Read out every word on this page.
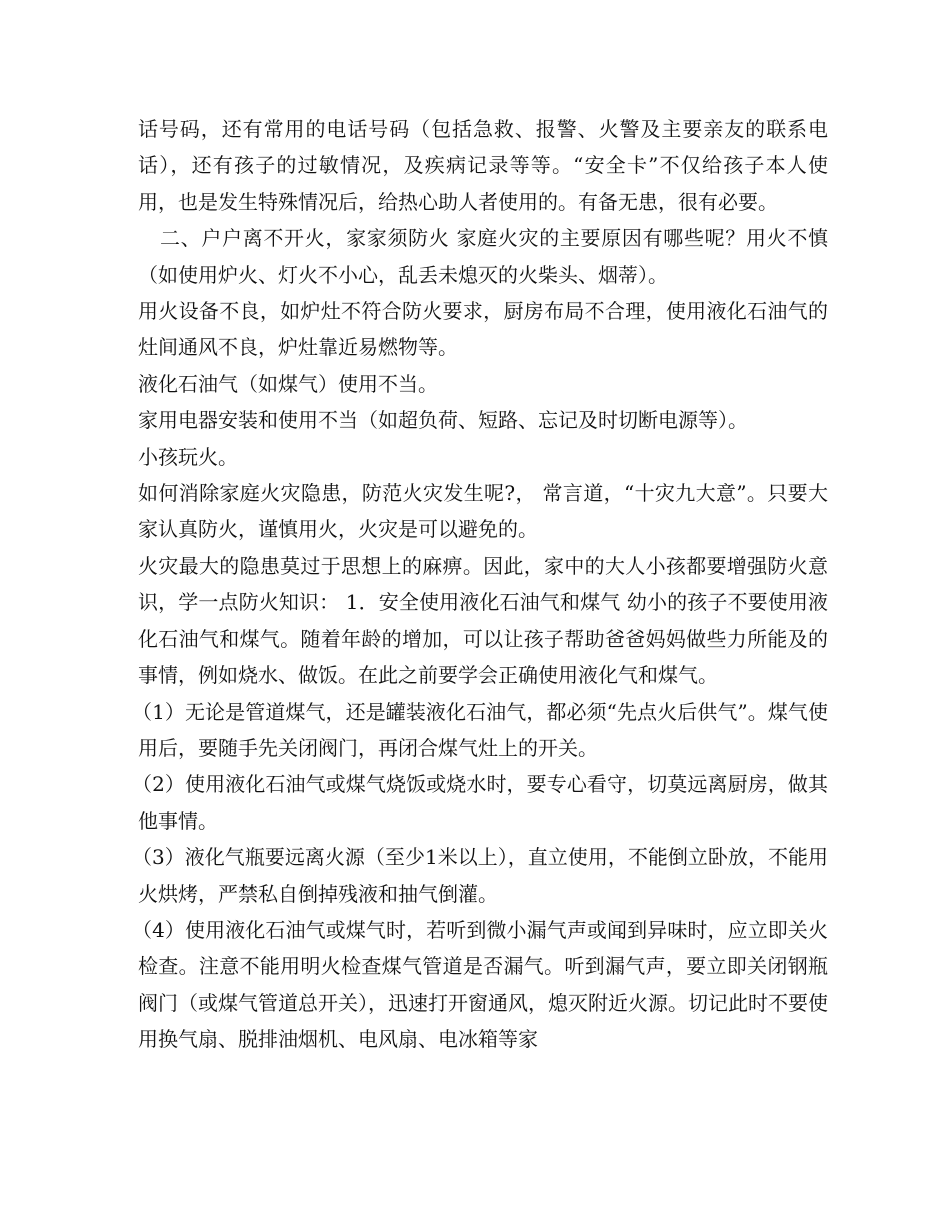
话号码，还有常用的电话号码（包括急救、报警、火警及主要亲友的联系电话），还有孩子的过敏情况，及疾病记录等等。“安全卡”不仅给孩子本人使用，也是发生特殊情况后，给热心助人者使用的。有备无患，很有必要。

二、户户离不开火，家家须防火 家庭火灾的主要原因有哪些呢？用火不慎（如使用炉火、灯火不小心，乱丢未熄灭的火柴头、烟蒂）。

用火设备不良，如炉灶不符合防火要求，厨房布局不合理，使用液化石油气的灶间通风不良，炉灶靠近易燃物等。

液化石油气（如煤气）使用不当。

家用电器安装和使用不当（如超负荷、短路、忘记及时切断电源等）。

小孩玩火。

如何消除家庭火灾隐患，防范火灾发生呢?， 常言道，“十灾九大意”。只要大家认真防火，谨慎用火，火灾是可以避免的。

火灾最大的隐患莫过于思想上的麻痹。因此，家中的大人小孩都要增强防火意识，学一点防火知识： 1．安全使用液化石油气和煤气 幼小的孩子不要使用液化石油气和煤气。随着年龄的增加，可以让孩子帮助爸爸妈妈做些力所能及的事情，例如烧水、做饭。在此之前要学会正确使用液化气和煤气。

（1）无论是管道煤气，还是罐装液化石油气，都必须“先点火后供气”。煤气使用后，要随手先关闭阀门，再闭合煤气灶上的开关。

（2）使用液化石油气或煤气烧饭或烧水时，要专心看守，切莫远离厨房，做其他事情。

（3）液化气瓶要远离火源（至少1米以上），直立使用，不能倒立卧放，不能用火烘烤，严禁私自倒掉残液和抽气倒灌。

（4）使用液化石油气或煤气时，若听到微小漏气声或闻到异味时，应立即关火检查。注意不能用明火检查煤气管道是否漏气。听到漏气声，要立即关闭钢瓶阀门（或煤气管道总开关），迅速打开窗通风，熄灭附近火源。切记此时不要使用换气扇、脱排油烟机、电风扇、电冰箱等家
